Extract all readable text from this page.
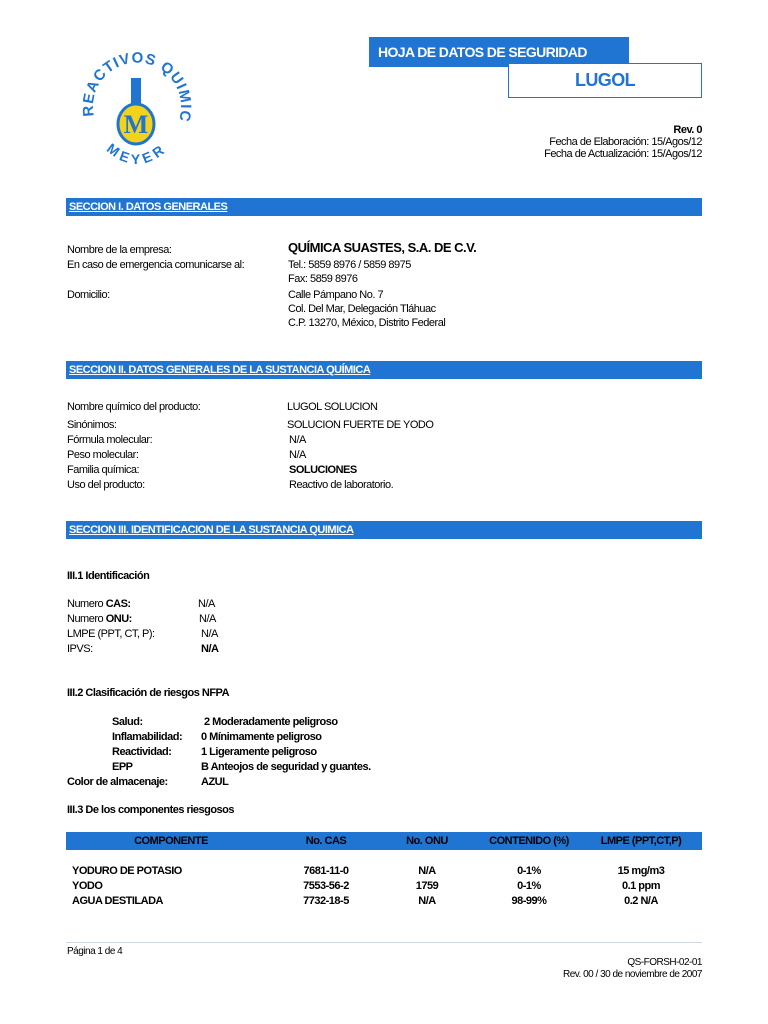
REACTIVOS QUI
M
MEYER
HOJA DE DATOS DE SEGURIDAD
LUGOL
Rev. 0
Fecha de Elaboración: 15/Agos/12
Fecha de Actualización: 15/Agos/12
SECCION I. DATOS GENERALES
Nombre de la empresa:	QUÍMICA SUASTES, S.A. DE C.V.
En caso de emergencia comunicarse al:	Tel.: 5859 8976 / 5859 8975
Fax: 5859 8976
Domicilio:	Calle Pámpano No. 7
Col. Del Mar, Delegación Tláhuac
C.P. 13270, México, Distrito Federal
SECCION II. DATOS GENERALES DE LA SUSTANCIA QUÍMICA
Nombre químico del producto:	LUGOL SOLUCION
Sinónimos:	SOLUCION FUERTE DE YODO
Fórmula molecular:	N/A
Peso molecular:	N/A
Familia química:	SOLUCIONES
Uso del producto:	Reactivo de laboratorio.
SECCION III. IDENTIFICACION DE LA SUSTANCIA QUIMICA
III.1 Identificación
Numero CAS:	N/A
Numero ONU:	N/A
LMPE (PPT, CT, P):	N/A
IPVS:	N/A
III.2 Clasificación de riesgos NFPA
Salud:	2 Moderadamente peligroso
Inflamabilidad: 0 Mínimamente peligroso
Reactividad:	1 Ligeramente peligroso
EPP	B Anteojos de seguridad y guantes.
Color de almacenaje:	AZUL
III.3 De los componentes riesgosos
COMPONENTE	No. CAS	No. ONU	CONTENIDO (%)	LMPE (PPT,CT,P)
YODURO DE POTASIO	7681-11-0	N/A	0-1%	15 mg/m3
YODO	7553-56-2	1759	0-1%	0.1 ppm
AGUA DESTILADA	7732-18-5	N/A	98-99%	0.2 N/A
Página 1 de 4
QS-FORSH-02-01
Rev. 00 / 30 de noviembre de 2007
